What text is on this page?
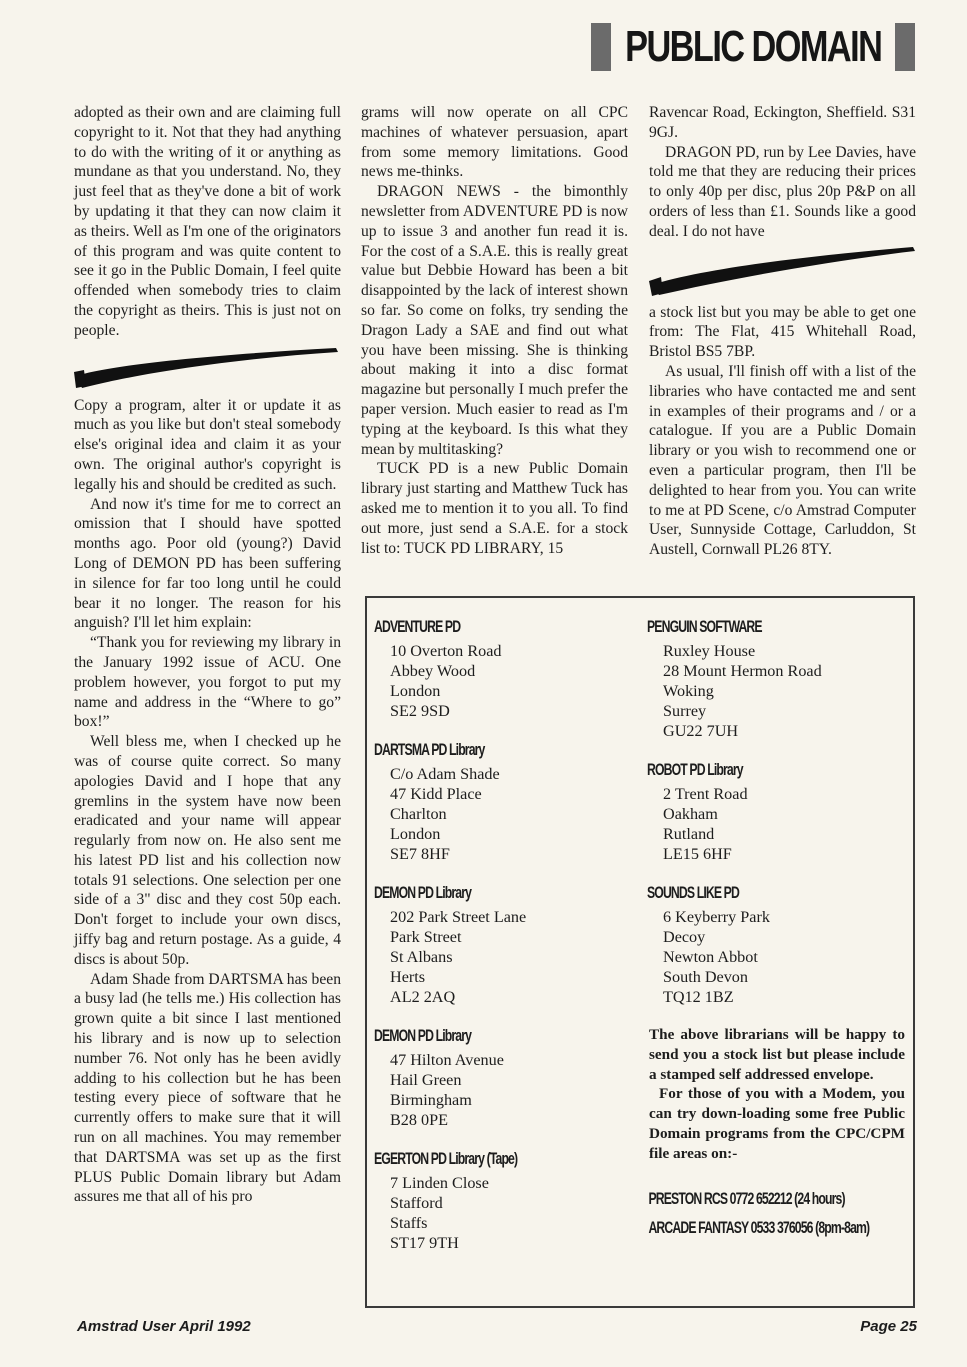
PUBLIC DOMAIN

adopted as their own and are claiming full copyright to it. Not that they had anything to do with the writing of it or anything as mundane as that you understand. No, they just feel that as they've done a bit of work by updating it that they can now claim it as theirs. Well as I'm one of the originators of this program and was quite content to see it go in the Public Domain, I feel quite offended when somebody tries to claim the copyright as theirs. This is just not on people.

Copy a program, alter it or update it as much as you like but don't steal somebody else's original idea and claim it as your own. The original author's copyright is legally his and should be credited as such.

And now it's time for me to correct an omission that I should have spotted months ago. Poor old (young?) David Long of DEMON PD has been suffering in silence for far too long until he could bear it no longer. The reason for his anguish? I'll let him explain:

“Thank you for reviewing my library in the January 1992 issue of ACU. One problem however, you forgot to put my name and address in the “Where to go” box!”

Well bless me, when I checked up he was of course quite correct. So many apologies David and I hope that any gremlins in the system have now been eradicated and your name will appear regularly from now on. He also sent me his latest PD list and his collection now totals 91 selections. One selection per one side of a 3" disc and they cost 50p each. Don't forget to include your own discs, jiffy bag and return postage. As a guide, 4 discs is about 50p.

Adam Shade from DARTSMA has been a busy lad (he tells me.) His collection has grown quite a bit since I last mentioned his library and is now up to selection number 76. Not only has he been avidly adding to his collection but he has been testing every piece of software that he currently offers to make sure that it will run on all machines. You may remember that DARTSMA was set up as the first PLUS Public Domain library but Adam assures me that all of his pro

grams will now operate on all CPC machines of whatever persuasion, apart from some memory limitations. Good news me-thinks.

DRAGON NEWS - the bimonthly newsletter from ADVENTURE PD is now up to issue 3 and another fun read it is. For the cost of a S.A.E. this is really great value but Debbie Howard has been a bit disappointed by the lack of interest shown so far. So come on folks, try sending the Dragon Lady a SAE and find out what you have been missing. She is thinking about making it into a disc format magazine but personally I much prefer the paper version. Much easier to read as I'm typing at the keyboard. Is this what they mean by multitasking?

TUCK PD is a new Public Domain library just starting and Matthew Tuck has asked me to mention it to you all. To find out more, just send a S.A.E. for a stock list to: TUCK PD LIBRARY, 15

Ravencar Road, Eckington, Sheffield. S31 9GJ.

DRAGON PD, run by Lee Davies, have told me that they are reducing their prices to only 40p per disc, plus 20p P&P on all orders of less than £1. Sounds like a good deal. I do not have

a stock list but you may be able to get one from: The Flat, 415 Whitehall Road, Bristol BS5 7BP.

As usual, I'll finish off with a list of the libraries who have contacted me and sent in examples of their programs and / or a catalogue. If you are a Public Domain library or you wish to recommend one or even a particular program, then I'll be delighted to hear from you. You can write to me at PD Scene, c/o Amstrad Computer User, Sunnyside Cottage, Carluddon, St Austell, Cornwall PL26 8TY.

ADVENTURE PD
10 Overton Road
Abbey Wood
London
SE2 9SD
DARTSMA PD Library
C/o Adam Shade
47 Kidd Place
Charlton
London
SE7 8HF
DEMON PD Library
202 Park Street Lane
Park Street
St Albans
Herts
AL2 2AQ
DEMON PD Library
47 Hilton Avenue
Hail Green
Birmingham
B28 0PE
EGERTON PD Library (Tape)
7 Linden Close
Stafford
Staffs
ST17 9TH
PENGUIN SOFTWARE
Ruxley House
28 Mount Hermon Road
Woking
Surrey
GU22 7UH
ROBOT PD Library
2 Trent Road
Oakham
Rutland
LE15 6HF
SOUNDS LIKE PD
6 Keyberry Park
Decoy
Newton Abbot
South Devon
TQ12 1BZ

The above librarians will be happy to send you a stock list but please include a stamped self addressed envelope.

For those of you with a Modem, you can try down-loading some free Public Domain programs from the CPC/CPM file areas on:-

PRESTON RCS 0772 652212 (24 hours)
ARCADE FANTASY 0533 376056 (8pm-8am)
Amstrad User April 1992	Page 25
